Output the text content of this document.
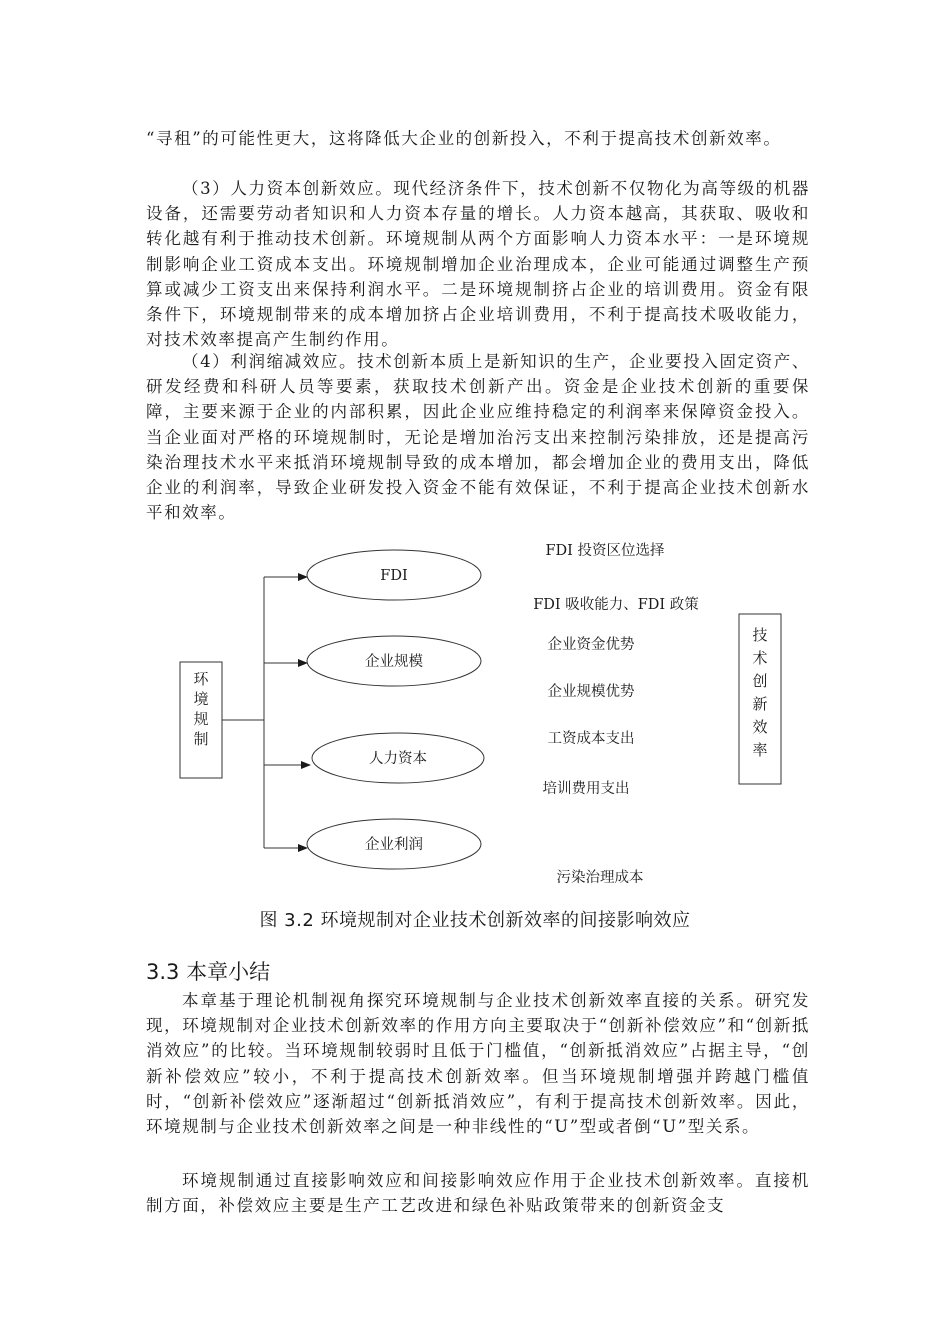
“寻租”的可能性更大，这将降低大企业的创新投入，不利于提高技术创新效率。

（3）人力资本创新效应。现代经济条件下，技术创新不仅物化为高等级的机器设备，还需要劳动者知识和人力资本存量的增长。人力资本越高，其获取、吸收和转化越有利于推动技术创新。环境规制从两个方面影响人力资本水平：一是环境规制影响企业工资成本支出。环境规制增加企业治理成本，企业可能通过调整生产预算或减少工资支出来保持利润水平。二是环境规制挤占企业的培训费用。资金有限条件下，环境规制带来的成本增加挤占企业培训费用，不利于提高技术吸收能力，对技术效率提高产生制约作用。

（4）利润缩减效应。技术创新本质上是新知识的生产，企业要投入固定资产、研发经费和科研人员等要素，获取技术创新产出。资金是企业技术创新的重要保障，主要来源于企业的内部积累，因此企业应维持稳定的利润率来保障资金投入。当企业面对严格的环境规制时，无论是增加治污支出来控制污染排放，还是提高污染治理技术水平来抵消环境规制导致的成本增加，都会增加企业的费用支出，降低企业的利润率，导致企业研发投入资金不能有效保证，不利于提高企业技术创新水平和效率。

环
境
规
制
FDI
企业规模
人力资本
企业利润
FDI 投资区位选择
FDI 吸收能力、FDI 政策
企业资金优势
企业规模优势
工资成本支出
培训费用支出
污染治理成本
技
术
创
新
效
率
图 3.2 环境规制对企业技术创新效率的间接影响效应
3.3 本章小结

本章基于理论机制视角探究环境规制与企业技术创新效率直接的关系。研究发现，环境规制对企业技术创新效率的作用方向主要取决于“创新补偿效应”和“创新抵消效应”的比较。当环境规制较弱时且低于门槛值，“创新抵消效应”占据主导，“创新补偿效应”较小，不利于提高技术创新效率。但当环境规制增强并跨越门槛值时，“创新补偿效应”逐渐超过“创新抵消效应”，有利于提高技术创新效率。因此，环境规制与企业技术创新效率之间是一种非线性的“U”型或者倒“U”型关系。

环境规制通过直接影响效应和间接影响效应作用于企业技术创新效率。直接机制方面，补偿效应主要是生产工艺改进和绿色补贴政策带来的创新资金支
